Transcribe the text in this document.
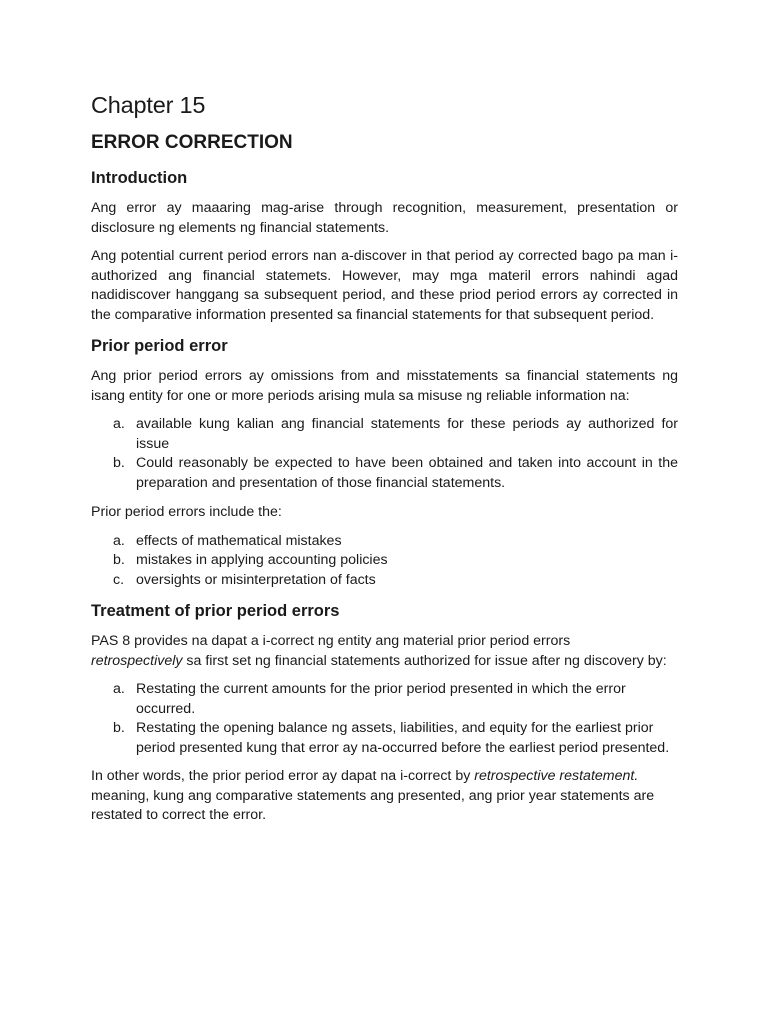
Chapter 15
ERROR CORRECTION
Introduction

Ang error ay maaaring mag-arise through recognition, measurement, presentation or disclosure ng elements ng financial statements.

Ang potential current period errors nan a-discover in that period ay corrected bago pa man i-authorized ang financial statemets. However, may mga materil errors nahindi agad nadidiscover hanggang sa subsequent period, and these priod period errors ay corrected in the comparative information presented sa financial statements for that subsequent period.

Prior period error

Ang prior period errors ay omissions from and misstatements sa financial statements ng isang entity for one or more periods arising mula sa misuse ng reliable information na:

a. available kung kalian ang financial statements for these periods ay authorized for issue
b. Could reasonably be expected to have been obtained and taken into account in the preparation and presentation of those financial statements.

Prior period errors include the:

a. effects of mathematical mistakes
b. mistakes in applying accounting policies
c. oversights or misinterpretation of facts
Treatment of prior period errors

PAS 8 provides na dapat a i-correct ng entity ang material prior period errors
retrospectively sa first set ng financial statements authorized for issue after ng discovery by:

a. Restating the current amounts for the prior period presented in which the error occurred.
b. Restating the opening balance ng assets, liabilities, and equity for the earliest prior period presented kung that error ay na-occurred before the earliest period presented.

In other words, the prior period error ay dapat na i-correct by retrospective restatement.
meaning, kung ang comparative statements ang presented, ang prior year statements are restated to correct the error.
